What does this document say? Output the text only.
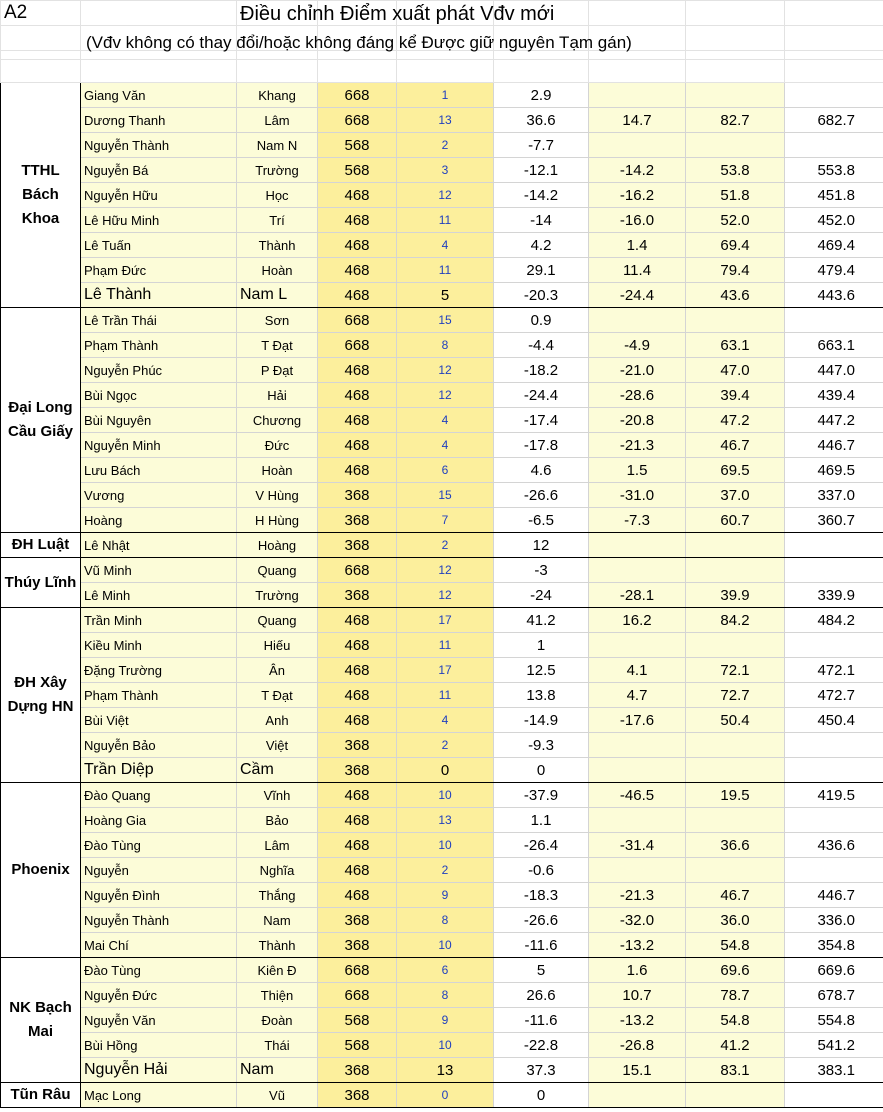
A2								

TTHL Bách Khoa	Giang Văn	Khang	668	1	2.9			
	Dương Thanh	Lâm	668	13	36.6	14.7	82.7	682.7
	Nguyễn Thành	Nam N	568	2	-7.7			
	Nguyễn Bá	Trường	568	3	-12.1	-14.2	53.8	553.8
	Nguyễn Hữu	Học	468	12	-14.2	-16.2	51.8	451.8
	Lê Hữu Minh	Trí	468	11	-14	-16.0	52.0	452.0
	Lê Tuấn	Thành	468	4	4.2	1.4	69.4	469.4
	Phạm Đức	Hoàn	468	11	29.1	11.4	79.4	479.4
	Lê Thành	Nam L	468	5	-20.3	-24.4	43.6	443.6
Đại Long Cầu Giấy	Lê Trần Thái	Sơn	668	15	0.9			
	Phạm Thành	T Đạt	668	8	-4.4	-4.9	63.1	663.1
	Nguyễn Phúc	P Đạt	468	12	-18.2	-21.0	47.0	447.0
	Bùi Ngọc	Hải	468	12	-24.4	-28.6	39.4	439.4
	Bùi Nguyên	Chương	468	4	-17.4	-20.8	47.2	447.2
	Nguyễn Minh	Đức	468	4	-17.8	-21.3	46.7	446.7
	Lưu Bách	Hoàn	468	6	4.6	1.5	69.5	469.5
	Vương	V Hùng	368	15	-26.6	-31.0	37.0	337.0
	Hoàng	H Hùng	368	7	-6.5	-7.3	60.7	360.7
ĐH Luật	Lê Nhật	Hoàng	368	2	12			
Thúy Lĩnh	Vũ Minh	Quang	668	12	-3			
	Lê Minh	Trường	368	12	-24	-28.1	39.9	339.9
ĐH Xây Dựng HN	Trần Minh	Quang	468	17	41.2	16.2	84.2	484.2
	Kiều Minh	Hiếu	468	11	1			
	Đặng Trường	Ân	468	17	12.5	4.1	72.1	472.1
	Phạm Thành	T Đạt	468	11	13.8	4.7	72.7	472.7
	Bùi Việt	Anh	468	4	-14.9	-17.6	50.4	450.4
	Nguyễn Bảo	Việt	368	2	-9.3			
	Trần Diệp	Cầm	368	0	0			
Phoenix	Đào Quang	Vĩnh	468	10	-37.9	-46.5	19.5	419.5
	Hoàng Gia	Bảo	468	13	1.1			
	Đào Tùng	Lâm	468	10	-26.4	-31.4	36.6	436.6
	Nguyễn	Nghĩa	468	2	-0.6			
	Nguyễn Đình	Thắng	468	9	-18.3	-21.3	46.7	446.7
	Nguyễn Thành	Nam	368	8	-26.6	-32.0	36.0	336.0
	Mai Chí	Thành	368	10	-11.6	-13.2	54.8	354.8
NK Bạch Mai	Đào Tùng	Kiên Đ	668	6	5	1.6	69.6	669.6
	Nguyễn Đức	Thiện	668	8	26.6	10.7	78.7	678.7
	Nguyễn Văn	Đoàn	568	9	-11.6	-13.2	54.8	554.8
	Bùi Hồng	Thái	568	10	-22.8	-26.8	41.2	541.2
	Nguyễn Hải	Nam	368	13	37.3	15.1	83.1	383.1
Tũn Râu	Mạc Long	Vũ	368	0	0			
Điều chỉnh Điểm xuất phát Vđv mới
(Vđv không có thay đổi/hoặc không đáng kể Được giữ nguyên Tạm gán)
